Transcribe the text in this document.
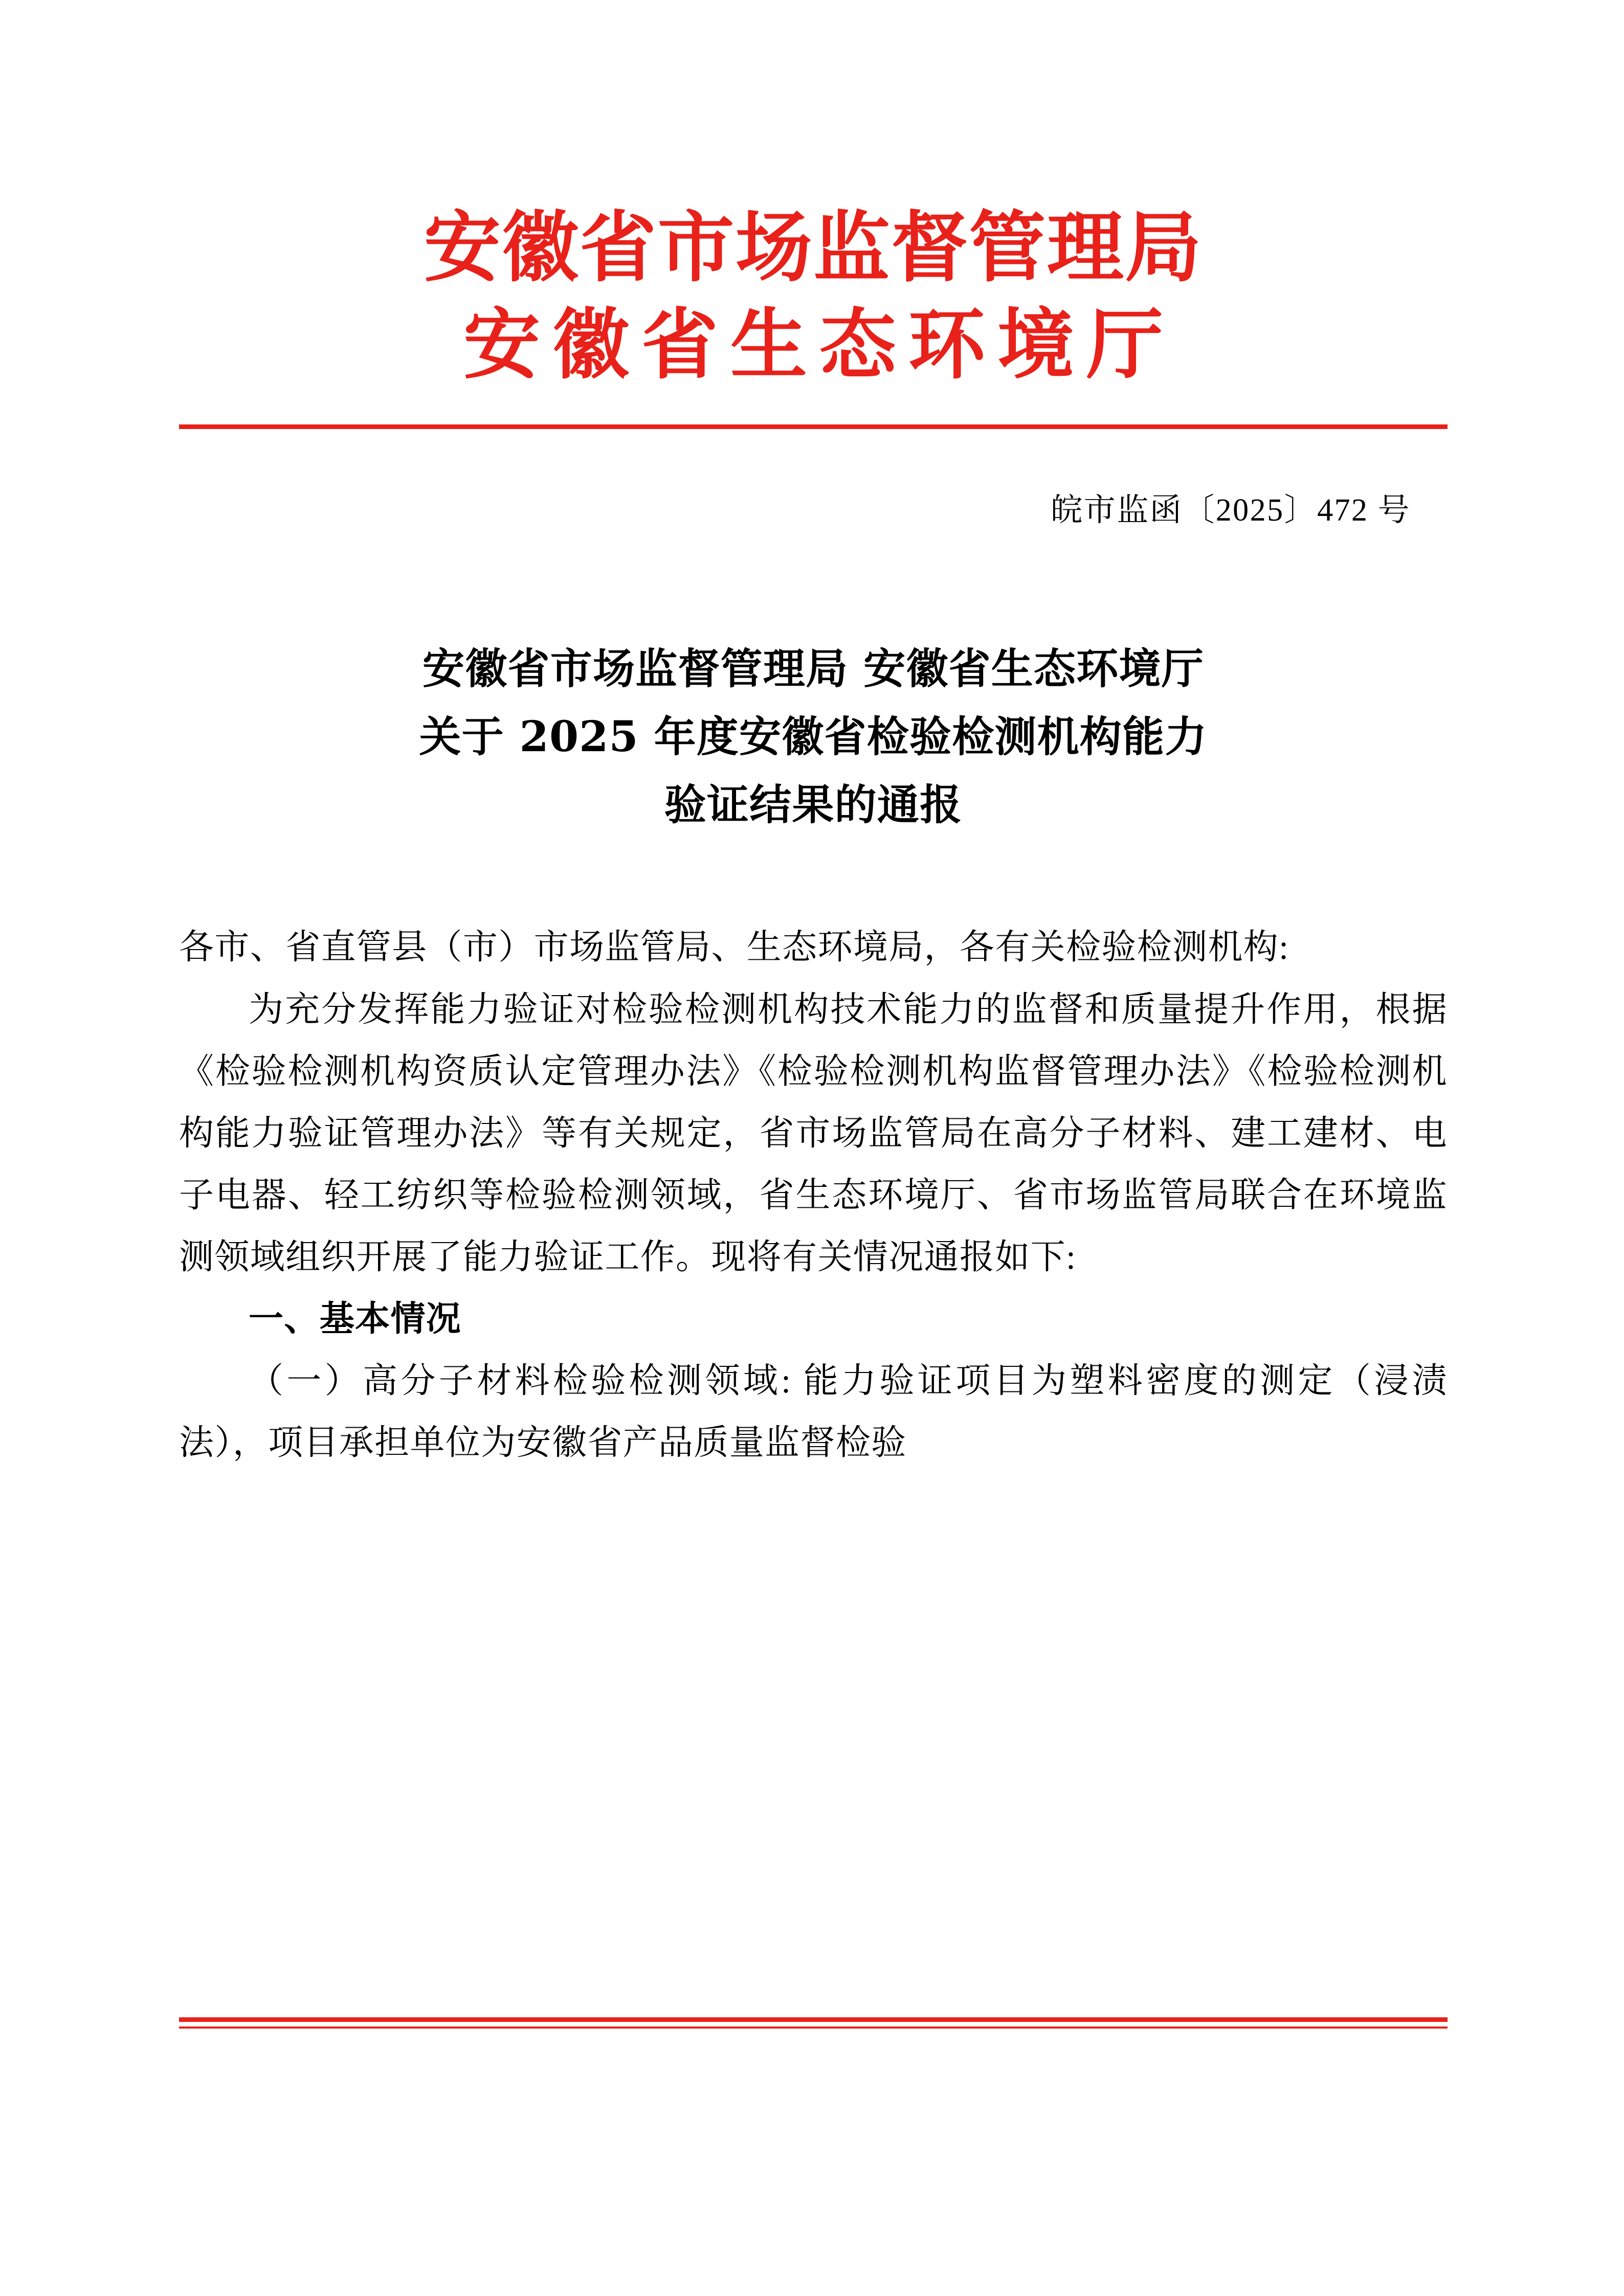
安徽省市场监督管理局
安徽省生态环境厅
皖市监函〔2025〕472 号
安徽省市场监督管理局 安徽省生态环境厅
关于 2025 年度安徽省检验检测机构能力
验证结果的通报

各市、省直管县（市）市场监管局、生态环境局，各有关检验检测机构:

为充分发挥能力验证对检验检测机构技术能力的监督和质量提升作用，根据《检验检测机构资质认定管理办法》《检验检测机构监督管理办法》《检验检测机构能力验证管理办法》等有关规定，省市场监管局在高分子材料、建工建材、电子电器、轻工纺织等检验检测领域，省生态环境厅、省市场监管局联合在环境监测领域组织开展了能力验证工作。现将有关情况通报如下:

一、基本情况

（一）高分子材料检验检测领域: 能力验证项目为塑料密度的测定（浸渍法），项目承担单位为安徽省产品质量监督检验
